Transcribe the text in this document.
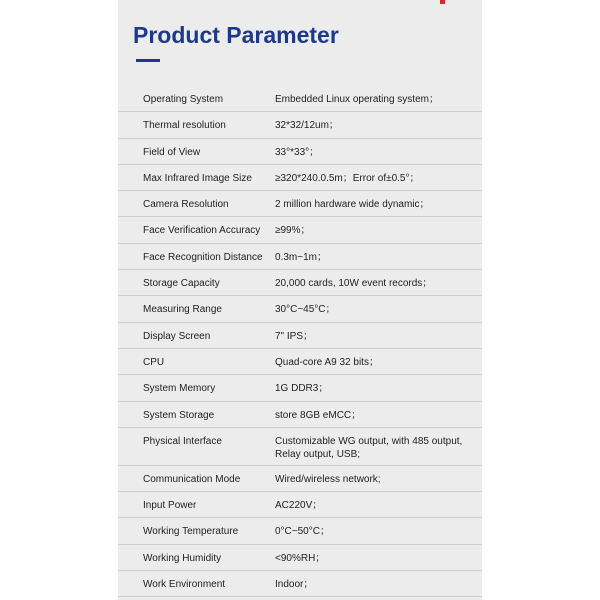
Product Parameter
Operating System	Embedded Linux operating system；
Thermal resolution	32*32/12um；
Field of View	33°*33°；
Max Infrared Image Size	≥320*240.0.5m；Error of±0.5°；
Camera Resolution	2 million hardware wide dynamic；
Face Verification Accuracy	≥99%；
Face Recognition Distance	0.3m~1m；
Storage Capacity	20,000 cards, 10W event records；
Measuring Range	30°C~45°C；
Display Screen	7" IPS；
CPU	Quad-core A9 32 bits；
System Memory	1G DDR3；
System Storage	store 8GB eMCC；
Physical Interface	Customizable WG output, with 485 output, Relay output, USB;
Communication Mode	Wired/wireless network;
Input Power	AC220V；
Working Temperature	0°C~50°C；
Working Humidity	<90%RH；
Work Environment	Indoor；
